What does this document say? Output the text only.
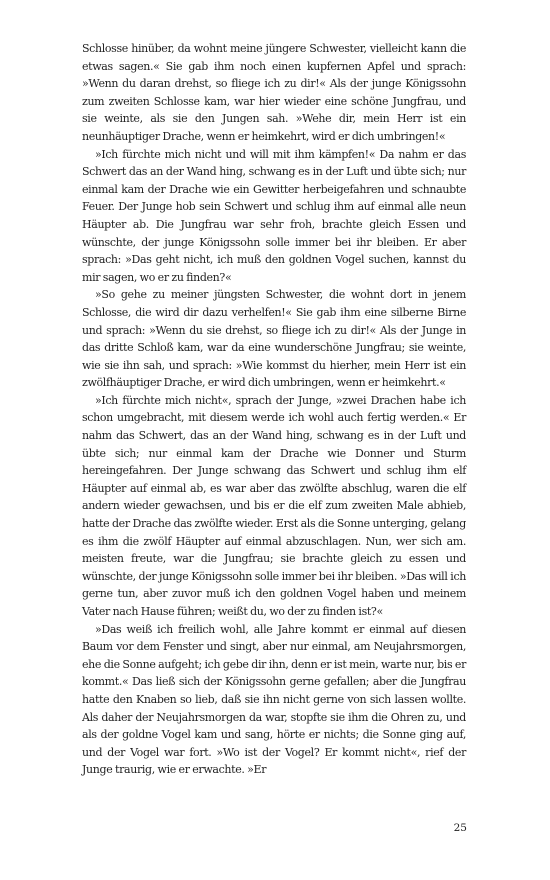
Schlosse hinüber, da wohnt meine jüngere Schwester, vielleicht kann die etwas sagen.« Sie gab ihm noch einen kupfernen Apfel und sprach: »Wenn du daran drehst, so fliege ich zu dir!« Als der junge Königssohn zum zweiten Schlosse kam, war hier wieder eine schöne Jungfrau, und sie weinte, als sie den Jungen sah. »Wehe dir, mein Herr ist ein neunhäuptiger Drache, wenn er heimkehrt, wird er dich umbringen!«

»Ich fürchte mich nicht und will mit ihm kämpfen!« Da nahm er das Schwert das an der Wand hing, schwang es in der Luft und übte sich; nur einmal kam der Drache wie ein Gewitter herbeigefahren und schnaubte Feuer. Der Junge hob sein Schwert und schlug ihm auf einmal alle neun Häupter ab. Die Jungfrau war sehr froh, brachte gleich Essen und wünschte, der junge Königssohn solle immer bei ihr bleiben. Er aber sprach: »Das geht nicht, ich muß den goldnen Vogel suchen, kannst du mir sagen, wo er zu finden?«

»So gehe zu meiner jüngsten Schwester, die wohnt dort in jenem Schlosse, die wird dir dazu verhelfen!« Sie gab ihm eine silberne Birne und sprach: »Wenn du sie drehst, so fliege ich zu dir!« Als der Junge in das dritte Schloß kam, war da eine wunderschöne Jungfrau; sie weinte, wie sie ihn sah, und sprach: »Wie kommst du hierher, mein Herr ist ein zwölfhäuptiger Drache, er wird dich umbringen, wenn er heimkehrt.«

»Ich fürchte mich nicht«, sprach der Junge, »zwei Drachen habe ich schon umgebracht, mit diesem werde ich wohl auch fertig werden.« Er nahm das Schwert, das an der Wand hing, schwang es in der Luft und übte sich; nur einmal kam der Drache wie Donner und Sturm hereingefahren. Der Junge schwang das Schwert und schlug ihm elf Häupter auf einmal ab, es war aber das zwölfte abschlug, waren die elf andern wieder gewachsen, und bis er die elf zum zweiten Male abhieb, hatte der Drache das zwölfte wieder. Erst als die Sonne unterging, gelang es ihm die zwölf Häupter auf einmal abzuschlagen. Nun, wer sich am. meisten freute, war die Jungfrau; sie brachte gleich zu essen und wünschte, der junge Königssohn solle immer bei ihr bleiben. »Das will ich gerne tun, aber zuvor muß ich den goldnen Vogel haben und meinem Vater nach Hause führen; weißt du, wo der zu finden ist?«

»Das weiß ich freilich wohl, alle Jahre kommt er einmal auf diesen Baum vor dem Fenster und singt, aber nur einmal, am Neujahrsmorgen, ehe die Sonne aufgeht; ich gebe dir ihn, denn er ist mein, warte nur, bis er kommt.« Das ließ sich der Königssohn gerne gefallen; aber die Jungfrau hatte den Knaben so lieb, daß sie ihn nicht gerne von sich lassen wollte. Als daher der Neujahrsmorgen da war, stopfte sie ihm die Ohren zu, und als der goldne Vogel kam und sang, hörte er nichts; die Sonne ging auf, und der Vogel war fort. »Wo ist der Vogel? Er kommt nicht«, rief der Junge traurig, wie er erwachte. »Er

25
